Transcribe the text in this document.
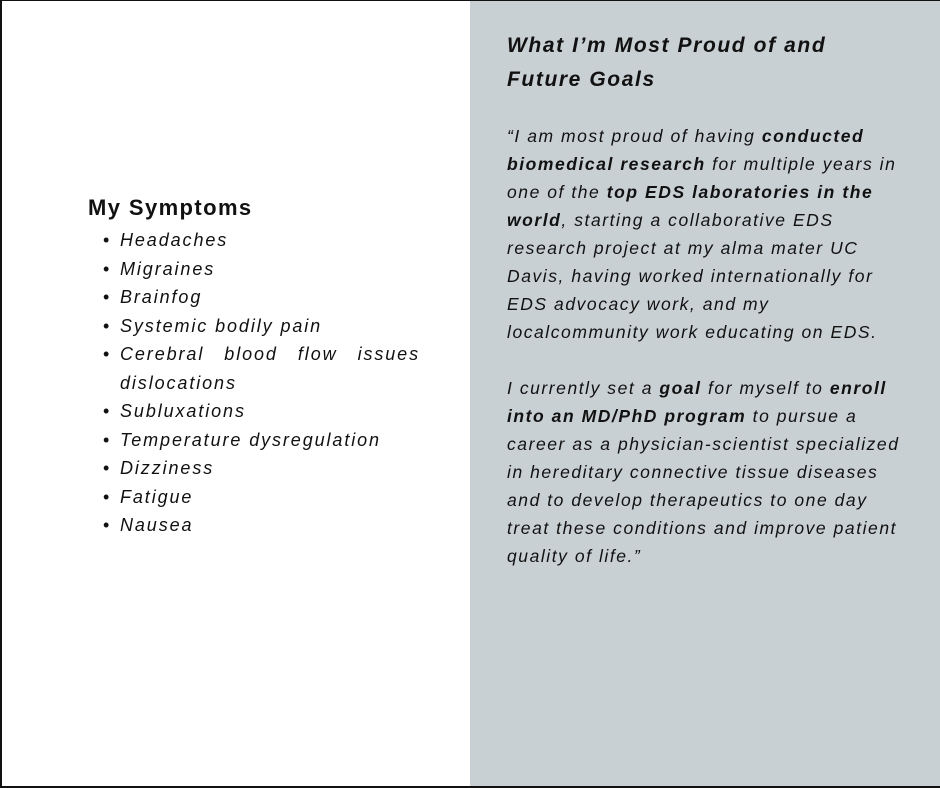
My Symptoms
• Headaches
• Migraines
• Brainfog
• Systemic bodily pain
• Cerebral blood flow issues dislocations
• Subluxations
• Temperature dysregulation
• Dizziness
• Fatigue
• Nausea
What I’m Most Proud of and Future Goals

“I am most proud of having conducted biomedical research for multiple years in one of the top EDS laboratories in the world, starting a collaborative EDS research project at my alma mater UC Davis, having worked internationally for EDS advocacy work, and my localcommunity work educating on EDS.

I currently set a goal for myself to enroll into an MD/PhD program to pursue a career as a physician-scientist specialized in hereditary connective tissue diseases and to develop therapeutics to one day treat these conditions and improve patient quality of life.”
